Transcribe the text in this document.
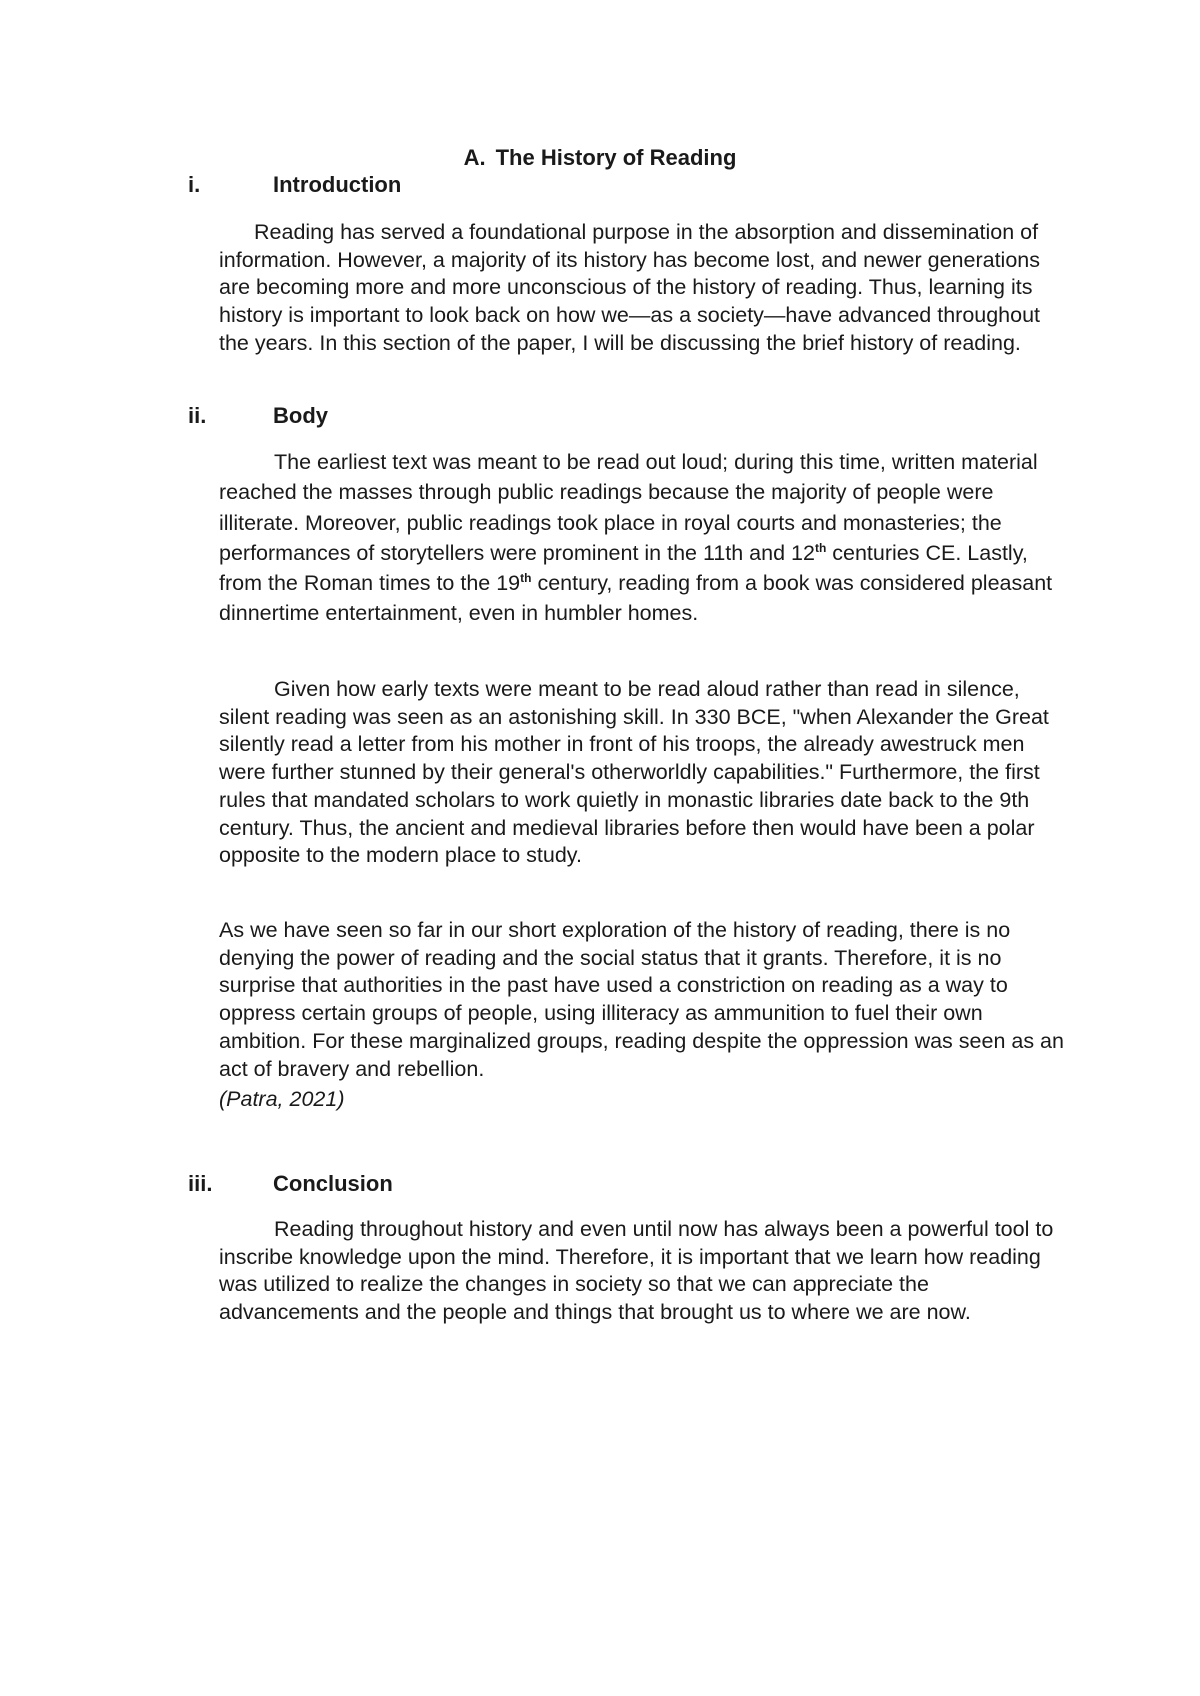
A. The History of Reading
i.	Introduction

Reading has served a foundational purpose in the absorption and dissemination of information. However, a majority of its history has become lost, and newer generations are becoming more and more unconscious of the history of reading. Thus, learning its history is important to look back on how we—as a society—have advanced throughout the years. In this section of the paper, I will be discussing the brief history of reading.

ii.	Body

The earliest text was meant to be read out loud; during this time, written material reached the masses through public readings because the majority of people were illiterate. Moreover, public readings took place in royal courts and monasteries; the performances of storytellers were prominent in the 11th and 12th centuries CE. Lastly, from the Roman times to the 19th century, reading from a book was considered pleasant dinnertime entertainment, even in humbler homes.

Given how early texts were meant to be read aloud rather than read in silence, silent reading was seen as an astonishing skill. In 330 BCE, "when Alexander the Great silently read a letter from his mother in front of his troops, the already awestruck men were further stunned by their general's otherworldly capabilities." Furthermore, the first rules that mandated scholars to work quietly in monastic libraries date back to the 9th century. Thus, the ancient and medieval libraries before then would have been a polar opposite to the modern place to study.

As we have seen so far in our short exploration of the history of reading, there is no denying the power of reading and the social status that it grants. Therefore, it is no surprise that authorities in the past have used a constriction on reading as a way to oppress certain groups of people, using illiteracy as ammunition to fuel their own ambition. For these marginalized groups, reading despite the oppression was seen as an act of bravery and rebellion.

(Patra, 2021)

iii.	Conclusion

Reading throughout history and even until now has always been a powerful tool to inscribe knowledge upon the mind. Therefore, it is important that we learn how reading was utilized to realize the changes in society so that we can appreciate the advancements and the people and things that brought us to where we are now.
